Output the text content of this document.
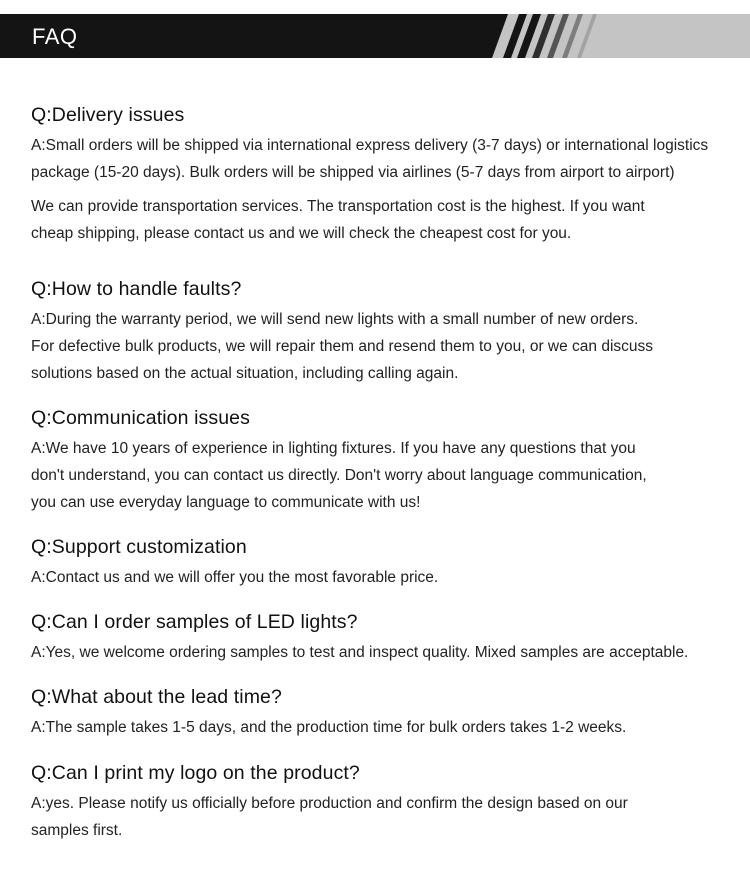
FAQ
Q:Delivery issues
A:Small orders will be shipped via international express delivery (3-7 days) or international logistics
package (15-20 days). Bulk orders will be shipped via airlines (5-7 days from airport to airport)
We can provide transportation services. The transportation cost is the highest. If you want
cheap shipping, please contact us and we will check the cheapest cost for you.
Q:How to handle faults?
A:During the warranty period, we will send new lights with a small number of new orders.
For defective bulk products, we will repair them and resend them to you, or we can discuss
solutions based on the actual situation, including calling again.
Q:Communication issues
A:We have 10 years of experience in lighting fixtures. If you have any questions that you
don't understand, you can contact us directly. Don't worry about language communication,
you can use everyday language to communicate with us!
Q:Support customization
A:Contact us and we will offer you the most favorable price.
Q:Can I order samples of LED lights?
A:Yes, we welcome ordering samples to test and inspect quality. Mixed samples are acceptable.
Q:What about the lead time?
A:The sample takes 1-5 days, and the production time for bulk orders takes 1-2 weeks.
Q:Can I print my logo on the product?
A:yes. Please notify us officially before production and confirm the design based on our
samples first.
